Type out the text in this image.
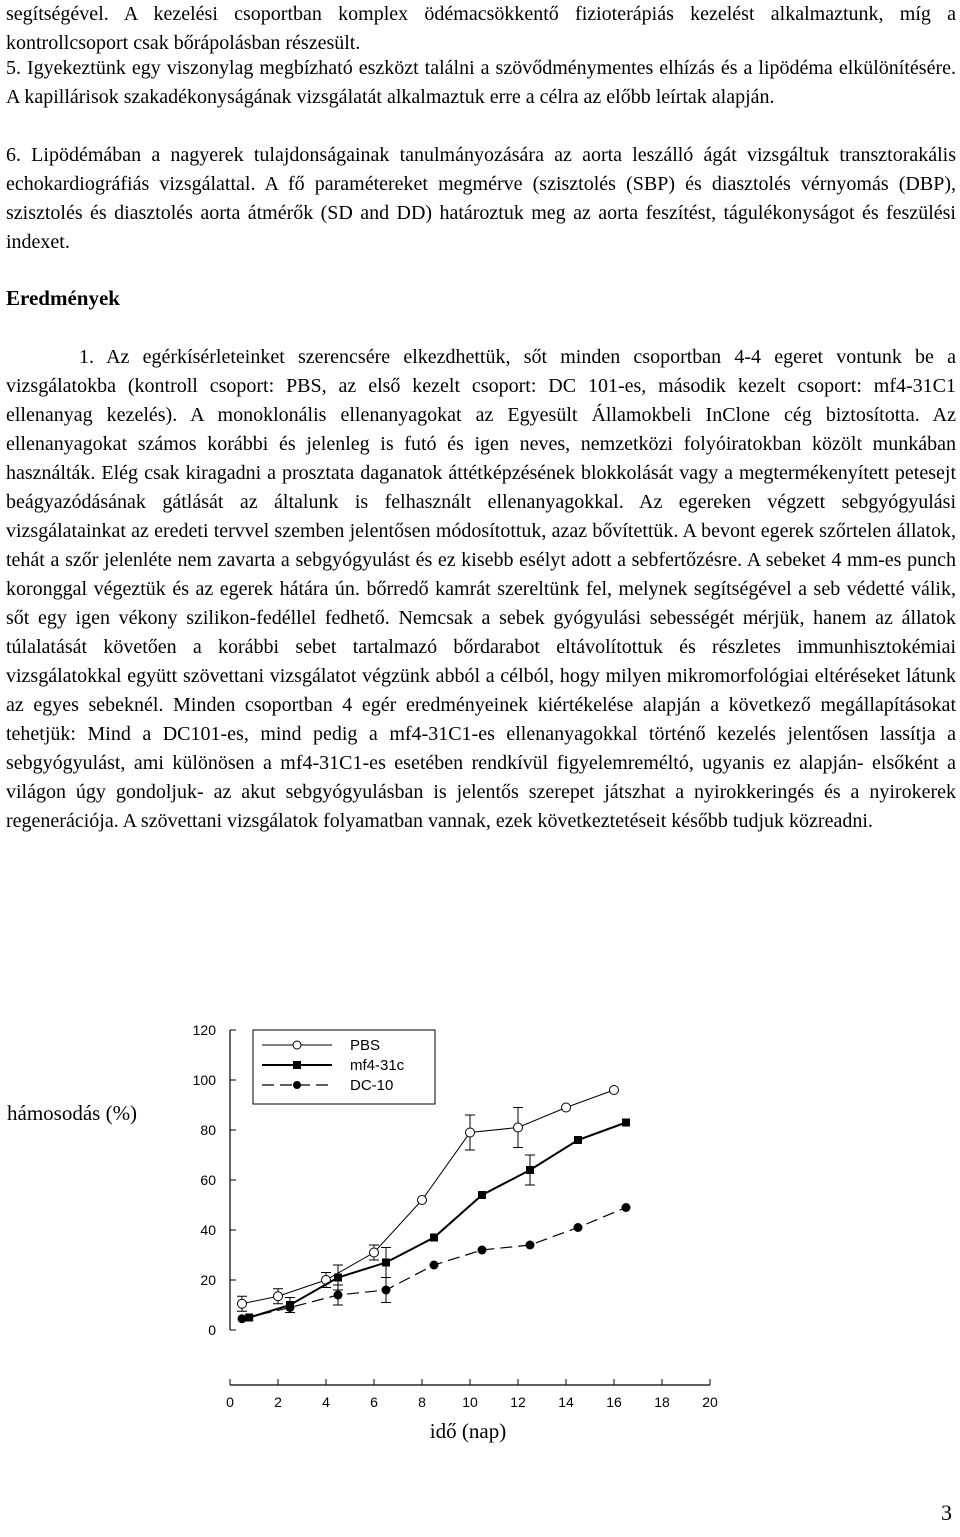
segítségével. A kezelési csoportban komplex ödémacsökkentő fizioterápiás kezelést alkalmaztunk, míg a kontrollcsoport csak bőrápolásban részesült.
5. Igyekeztünk egy viszonylag megbízható eszközt találni a szövődménymentes elhízás és a lipödéma elkülönítésére. A kapillárisok szakadékonyságának vizsgálatát alkalmaztuk erre a célra az előbb leírtak alapján.
6. Lipödémában a nagyerek tulajdonságainak tanulmányozására az aorta leszálló ágát vizsgáltuk transztorakális echokardiográfiás vizsgálattal. A fő paramétereket megmérve (szisztolés (SBP) és diasztolés vérnyomás (DBP), szisztolés és diasztolés aorta átmérők (SD and DD) határoztuk meg az aorta feszítést, tágulékonyságot és feszülési indexet.
Eredmények
1. Az egérkísérleteinket szerencsére elkezdhettük, sőt minden csoportban 4-4 egeret vontunk be a vizsgálatokba (kontroll csoport: PBS, az első kezelt csoport: DC 101-es, második kezelt csoport: mf4-31C1 ellenanyag kezelés). A monoklonális ellenanyagokat az Egyesült Államokbeli InClone cég biztosította. Az ellenanyagokat számos korábbi és jelenleg is futó és igen neves, nemzetközi folyóiratokban közölt munkában használták. Elég csak kiragadni a prosztata daganatok áttétképzésének blokkolását vagy a megtermékenyített petesejt beágyazódásának gátlását az általunk is felhasznált ellenanyagokkal. Az egereken végzett sebgyógyulási vizsgálatainkat az eredeti tervvel szemben jelentősen módosítottuk, azaz bővítettük. A bevont egerek szőrtelen állatok, tehát a szőr jelenléte nem zavarta a sebgyógyulást és ez kisebb esélyt adott a sebfertőzésre. A sebeket 4 mm-es punch koronggal végeztük és az egerek hátára ún. bőrredő kamrát szereltünk fel, melynek segítségével a seb védetté válik, sőt egy igen vékony szilikon-fedéllel fedhető. Nemcsak a sebek gyógyulási sebességét mérjük, hanem az állatok túlalatását követően a korábbi sebet tartalmazó bőrdarabot eltávolítottuk és részletes immunhisztokémiai vizsgálatokkal együtt szövettani vizsgálatot végzünk abból a célból, hogy milyen mikromorfológiai eltéréseket látunk az egyes sebeknél. Minden csoportban 4 egér eredményeinek kiértékelése alapján a következő megállapításokat tehetjük: Mind a DC101-es, mind pedig a mf4-31C1-es ellenanyagokkal történő kezelés jelentősen lassítja a sebgyógyulást, ami különösen a mf4-31C1-es esetében rendkívül figyelemreméltó, ugyanis ez alapján- elsőként a világon úgy gondoljuk- az akut sebgyógyulásban is jelentős szerepet játszhat a nyirokkeringés és a nyirokerek regenerációja. A szövettani vizsgálatok folyamatban vannak, ezek következtetéseit később tudjuk közreadni.
0
20
40
60
80
100
120
0	2	4	6	8	10 12 14 16 18 20
hámosodás (%)
idő (nap)
PBS
mf4-31c
DC-10
3
